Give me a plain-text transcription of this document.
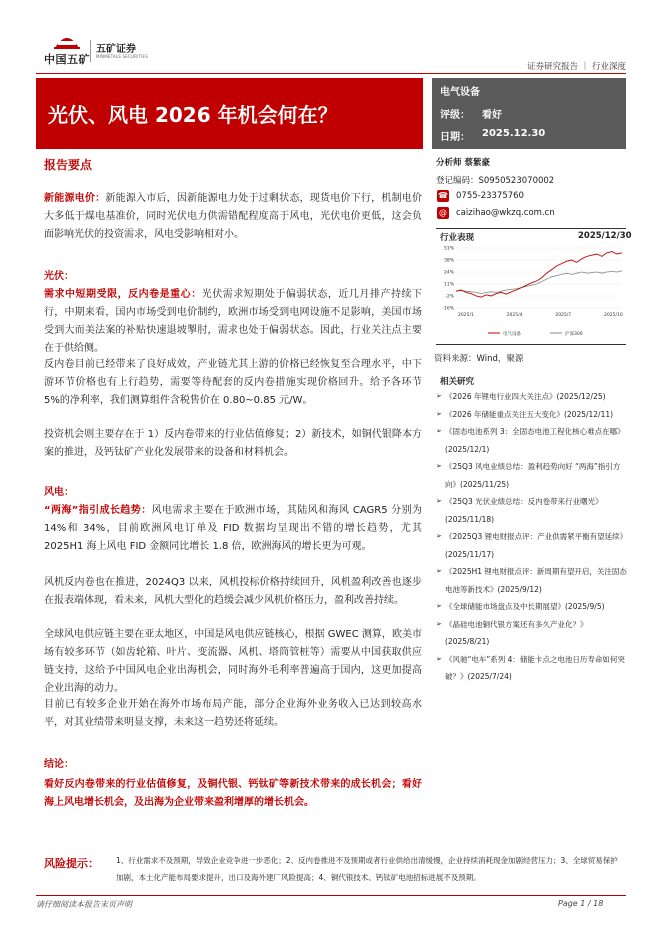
中国五矿
五矿证券
MINMETALS SECURITIES
证券研究报告 ｜ 行业深度
光伏、风电 2026 年机会何在？
电气设备
评级： 看好
日期： 2025.12.30
报告要点
新能源电价：新能源入市后，因新能源电力处于过剩状态，现货电价下行，机制电价大多低于煤电基准价，同时光伏电力供需错配程度高于风电，光伏电价更低，这会负面影响光伏的投资需求，风电受影响相对小。
光伏：
需求中短期受限，反内卷是重心：光伏需求短期处于偏弱状态，近几月排产持续下行，中期来看，国内市场受到电价制约，欧洲市场受到电网设施不足影响，美国市场受到大而美法案的补贴快速退坡掣肘，需求也处于偏弱状态。因此，行业关注点主要在于供给侧。
反内卷目前已经带来了良好成效，产业链尤其上游的价格已经恢复至合理水平，中下游环节价格也有上行趋势，需要等待配套的反内卷措施实现价格回升。给予各环节 5%的净利率，我们测算组件含税售价在 0.80~0.85 元/W。
投资机会则主要存在于 1）反内卷带来的行业估值修复；2）新技术，如铜代银降本方案的推进，及钙钛矿产业化发展带来的设备和材料机会。
风电：
“两海”指引成长趋势：风电需求主要在于欧洲市场，其陆风和海风 CAGR5 分别为 14%和 34%，目前欧洲风电订单及 FID 数据均呈现出不错的增长趋势，尤其 2025H1 海上风电 FID 金额同比增长 1.8 倍，欧洲海风的增长更为可观。
风机反内卷也在推进，2024Q3 以来，风机投标价格持续回升，风机盈利改善也逐步在报表端体现，看未来，风机大型化的趋缓会减少风机价格压力，盈利改善持续。
全球风电供应链主要在亚太地区，中国是风电供应链核心，根据 GWEC 测算，欧美市场有较多环节（如齿轮箱、叶片、变流器、风机、塔筒管桩等）需要从中国获取供应链支持，这给予中国风电企业出海机会，同时海外毛利率普遍高于国内，这更加提高企业出海的动力。
目前已有较多企业开始在海外市场布局产能，部分企业海外业务收入已达到较高水平，对其业绩带来明显支撑，未来这一趋势还将延续。
结论：
看好反内卷带来的行业估值修复，及铜代银、钙钛矿等新技术带来的成长机会；看好海上风电增长机会，及出海为企业带来盈利增厚的增长机会。
分析师 蔡紫豪
登记编码：S0950523070002
☎ 0755-23375760
@ caizihao@wkzq.com.cn
行业表现	2025/12/30
51%
38%
24%
11%
-2%
-16%
2025/1	2025/4	2025/7	2025/10
电气设备	沪深300
资料来源：Wind，聚源
相关研究
➢ 《2026 年锂电行业四大关注点》(2025/12/25)
➢ 《2026 年储能重点关注五大变化》(2025/12/11)
➢ 《固态电池系列 3：全固态电池工程化核心难点在哪》(2025/12/1)
➢ 《25Q3 风电业绩总结：盈利趋势向好 “两海”指引方向》(2025/11/25)
➢ 《25Q3 光伏业绩总结：反内卷带来行业曙光》(2025/11/18)
➢ 《2025Q3 锂电财报点评：产业供需紧平衡有望延续》(2025/11/17)
➢ 《2025H1 锂电财报点评：新周期有望开启，关注固态电池等新技术》(2025/9/12)
➢ 《全球储能市场盘点及中长期展望》(2025/9/5)
➢ 《晶硅电池铜代银方案还有多久产业化？》(2025/8/21)
➢ 《风驰“电车”系列 4：储能卡点之电池日历寿命如何突破？》(2025/7/24)
风险提示： 1、行业需求不及预期，导致企业竞争进一步恶化；2、反内卷推进不及预期或者行业供给出清缓慢，企业持续消耗现金加剧经营压力；3、全球贸易保护加剧，本土化产能布局要求提升，出口及海外建厂风险提高；4、铜代银技术、钙钛矿电池招标进展不及预期。
请仔细阅读本报告末页声明	Page 1 / 18
